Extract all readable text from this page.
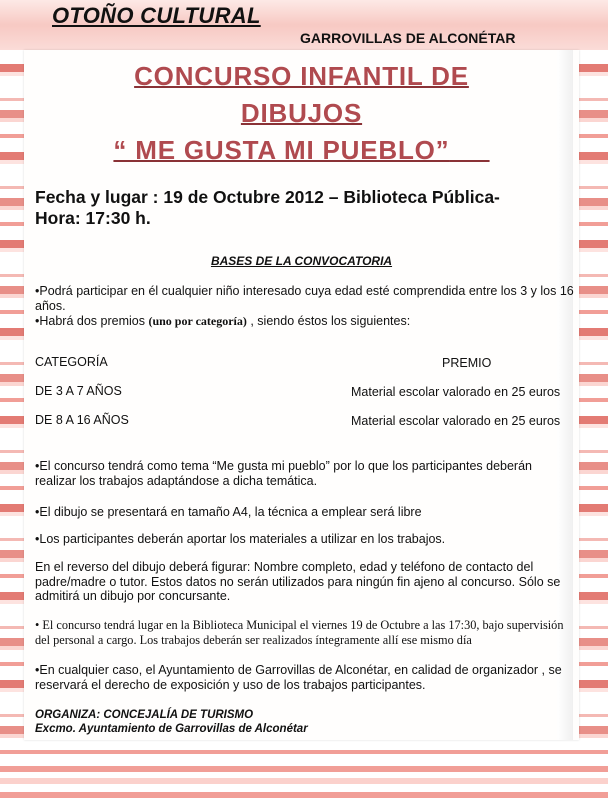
OTOÑO CULTURAL
GARROVILLAS DE ALCONÉTAR
CONCURSO INFANTIL DE
DIBUJOS
“ ME GUSTA MI PUEBLO”
Fecha y lugar : 19 de Octubre 2012 – Biblioteca Pública-
Hora: 17:30 h.
BASES DE LA CONVOCATORIA
•Podrá participar en él cualquier niño interesado cuya edad esté comprendida entre los 3 y los 16 años.
•Habrá dos premios (uno por categoría) , siendo éstos los siguientes:
CATEGORÍA	PREMIO
DE 3 A 7 AÑOS	Material escolar valorado en 25 euros
DE 8 A 16 AÑOS	Material escolar valorado en 25 euros
•El concurso tendrá como tema “Me gusta mi pueblo” por lo que los participantes deberán realizar los trabajos adaptándose a dicha temática.
•El dibujo se presentará en tamaño A4, la técnica a emplear será libre
•Los participantes deberán aportar los materiales a utilizar en los trabajos.
En el reverso del dibujo deberá figurar: Nombre completo, edad y teléfono de contacto del padre/madre o tutor. Estos datos no serán utilizados para ningún fin ajeno al concurso. Sólo se admitirá un dibujo por concursante.
• El concurso tendrá lugar en la Biblioteca Municipal el viernes 19 de Octubre a las 17:30, bajo supervisión del personal a cargo. Los trabajos deberán ser realizados íntegramente allí ese mismo día
•En cualquier caso, el Ayuntamiento de Garrovillas de Alconétar, en calidad de organizador , se reservará el derecho de exposición y uso de los trabajos participantes.
ORGANIZA: CONCEJALÍA DE TURISMO
Excmo. Ayuntamiento de Garrovillas de Alconétar
